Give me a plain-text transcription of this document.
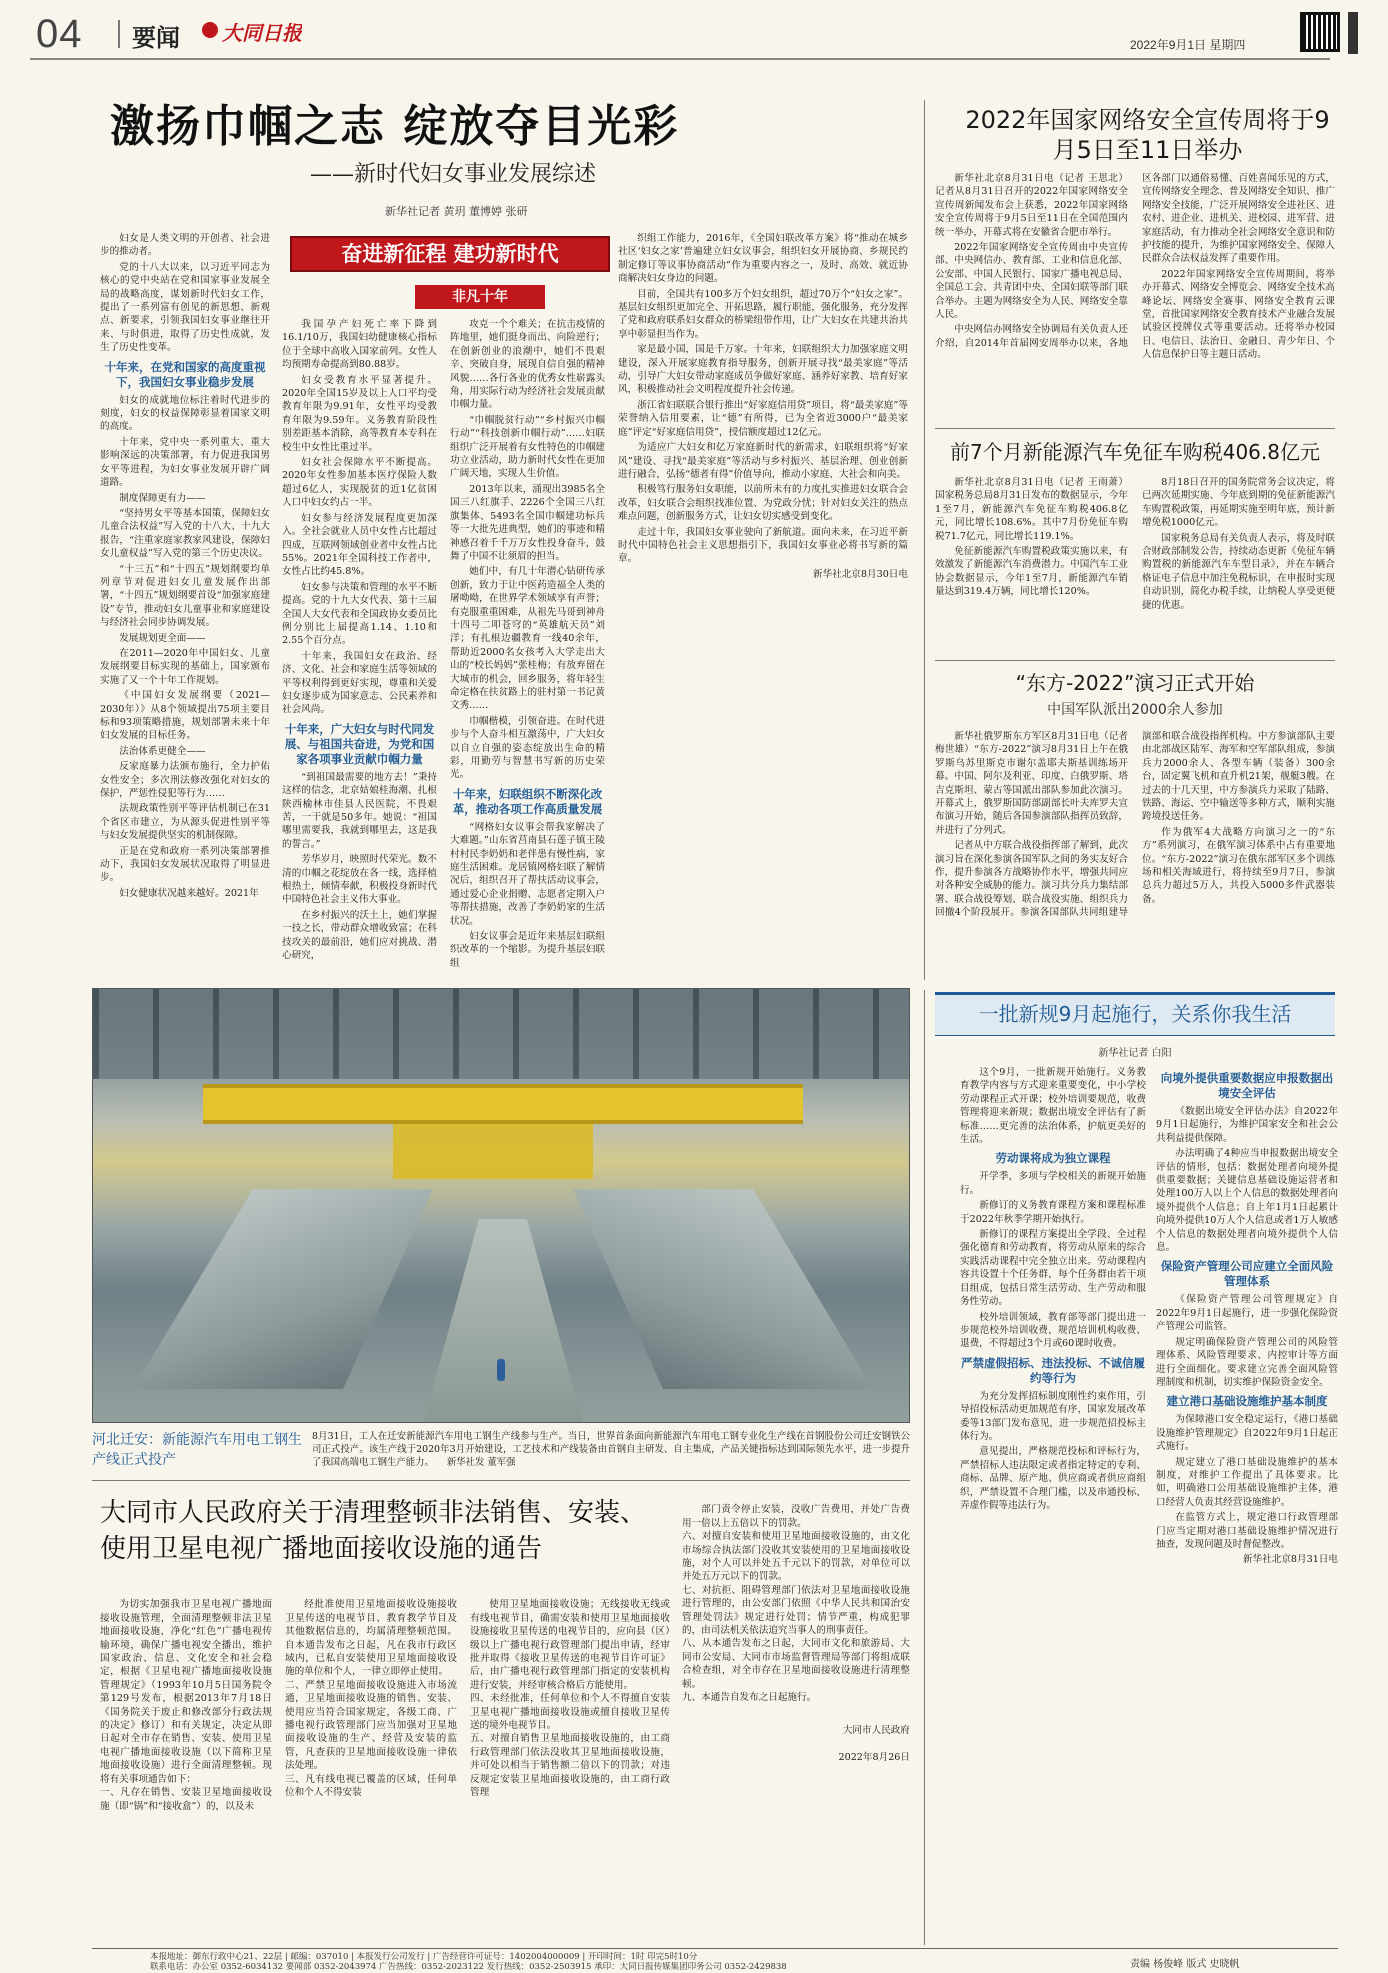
04 要闻 大同日报	2022年9月1日 星期四
激扬巾帼之志 绽放夺目光彩
——新时代妇女事业发展综述
新华社记者 黄玥 董博婷 张研
奋进新征程 建功新时代
非凡十年

妇女是人类文明的开创者、社会进步的推动者。

党的十八大以来，以习近平同志为核心的党中央站在党和国家事业发展全局的战略高度，谋划新时代妇女工作，提出了一系列富有创见的新思想、新观点、新要求，引领我国妇女事业继往开来、与时俱进，取得了历史性成就，发生了历史性变革。

十年来，在党和国家的高度重视下，我国妇女事业稳步发展

妇女的成就地位标注着时代进步的刻度，妇女的权益保障彰显着国家文明的高度。

十年来，党中央一系列重大、重大影响深远的决策部署，有力促进我国男女平等进程，为妇女事业发展开辟广阔道路。

制度保障更有力——

“坚持男女平等基本国策，保障妇女儿童合法权益”写入党的十八大、十九大报告，“注重家庭家教家风建设，保障妇女儿童权益”写入党的第三个历史决议。

“十三五”和“十四五”规划纲要均单列章节对促进妇女儿童发展作出部署，“十四五”规划纲要首设“加强家庭建设”专节，推动妇女儿童事业和家庭建设与经济社会同步协调发展。

发展规划更全面——

在2011—2020年中国妇女、儿童发展纲要目标实现的基础上，国家颁布实施了又一个十年工作规划。

《中国妇女发展纲要（2021—2030年）》从8个领域提出75项主要目标和93项策略措施，规划部署未来十年妇女发展的目标任务。

法治体系更健全——

反家庭暴力法颁布施行，全力护佑女性安全；多次刑法修改强化对妇女的保护，严惩性侵犯等行为……

法规政策性别平等评估机制已在31个省区市建立，为从源头促进性别平等与妇女发展提供坚实的机制保障。

正是在党和政府一系列决策部署推动下，我国妇女发展状况取得了明显进步。

妇女健康状况越来越好。2021年

我国孕产妇死亡率下降到16.1/10万，我国妇幼健康核心指标位于全球中高收入国家前列。女性人均预期寿命提高到80.88岁。

妇女受教育水平显著提升。2020年全国15岁及以上人口平均受教育年限为9.91年，女性平均受教育年限为9.59年。义务教育阶段性别差距基本消除，高等教育本专科在校生中女性比重过半。

妇女社会保障水平不断提高。2020年女性参加基本医疗保险人数超过6亿人，实现脱贫的近1亿贫困人口中妇女约占一半。

妇女参与经济发展程度更加深入。全社会就业人员中女性占比超过四成，互联网领域创业者中女性占比55%。2021年全国科技工作者中，女性占比约45.8%。

妇女参与决策和管理的水平不断提高。党的十九大女代表、第十三届全国人大女代表和全国政协女委员比例分别比上届提高1.14、1.10和2.55个百分点。

十年来，我国妇女在政治、经济、文化、社会和家庭生活等领域的平等权利得到更好实现，尊重和关爱妇女逐步成为国家意志、公民素养和社会风尚。

十年来，广大妇女与时代同发展、与祖国共奋进，为党和国家各项事业贡献巾帼力量

“到祖国最需要的地方去！”秉持这样的信念，北京姑娘桂海潮、扎根陕西榆林市佳县人民医院，不畏艰苦，一干就是50多年。她说：“祖国哪里需要我，我就到哪里去，这是我的誓言。”

芳华岁月，映照时代荣光。数不清的巾帼之花绽放在各一线，选择植根热土，倾情奉献，积极投身新时代中国特色社会主义伟大事业。

在乡村振兴的沃土上，她们掌握一技之长，带动群众增收致富；在科技攻关的最前沿，她们应对挑战、潜心研究，

攻克一个个难关；在抗击疫情的阵地里，她们挺身而出、向险逆行；在创新创业的浪潮中，她们不畏艰辛、突破自身，展现自信自强的精神风貌……各行各业的优秀女性崭露头角，用实际行动为经济社会发展贡献巾帼力量。

“巾帼脱贫行动”“乡村振兴巾帼行动”“科技创新巾帼行动”……妇联组织广泛开展着有女性特色的巾帼建功立业活动，助力新时代女性在更加广阔天地，实现人生价值。

2013年以来，涌现出3985名全国三八红旗手、2226个全国三八红旗集体、5493名全国巾帼建功标兵等一大批先进典型，她们的事迹和精神感召着千千万万女性投身奋斗，鼓舞了中国不让须眉的担当。

她们中，有几十年潜心钻研传承创新，致力于让中医药造福全人类的屠呦呦，在世界学术领域享有声誉；有克服重重困难，从祖先马哥到神舟十四号二叩苍穹的“英雄航天员”刘洋；有扎根边疆教育一线40余年，帮助近2000名女孩考入大学走出大山的“校长妈妈”张桂梅；有放弃留在大城市的机会，回乡服务，将年轻生命定格在扶贫路上的驻村第一书记黄文秀……

巾帼楷模，引领奋进。在时代进步与个人奋斗相互激荡中，广大妇女以自立自强的姿态绽放出生命的精彩，用勤劳与智慧书写新的历史荣光。

十年来，妇联组织不断深化改革，推动各项工作高质量发展

“网格妇女议事会帮我家解决了大难题。”山东省莒南县石莲子镇王陵村村民李奶奶和老伴患有慢性病，家庭生活困难。龙居镇网格妇联了解情况后，组织召开了帮扶活动议事会，通过爱心企业捐赠、志愿者定期入户等帮扶措施，改善了李奶奶家的生活状况。

妇女议事会是近年来基层妇联组织改革的一个缩影。为提升基层妇联组

织组工作能力，2016年，《全国妇联改革方案》将“推动在城乡社区‘妇女之家’普遍建立妇女议事会，组织妇女开展协商、乡规民约制定修订等议事协商活动”作为重要内容之一，及时、高效、就近协商解决妇女身边的问题。

目前，全国共有100多万个妇女组织，超过70万个“妇女之家”。基层妇女组织更加完全、开拓思路，履行职能，强化服务，充分发挥了党和政府联系妇女群众的桥梁纽带作用，让广大妇女在共建共治共享中彰显担当作为。

家是最小国，国是千万家。十年来，妇联组织大力加强家庭文明建设，深入开展家庭教育指导服务，创新开展寻找“最美家庭”等活动，引导广大妇女带动家庭成员争做好家庭、涵养好家教、培育好家风，积极推动社会文明程度提升社会传递。

浙江省妇联联合银行推出“好家庭信用贷”项目，将“最美家庭”等荣誉纳入信用要素，让“德”有所得，已为全省近3000户“最美家庭”评定“好家庭信用贷”，授信额度超过12亿元。

为适应广大妇女和亿万家庭新时代的新需求，妇联组织将“好家风”建设、寻找“最美家庭”等活动与乡村振兴、基层治理、创业创新进行融合，弘扬“德者有得”价值导向，推动小家庭、大社会和向美。

积极笃行服务妇女职能，以前所未有的力度扎实推进妇女联合会改革，妇女联合会组织找准位置、为党政分忧；针对妇女关注的热点难点问题，创新服务方式，让妇女切实感受到变化。

走过十年，我国妇女事业驶向了新航道。面向未来，在习近平新时代中国特色社会主义思想指引下，我国妇女事业必将书写新的篇章。

新华社北京8月30日电
2022年国家网络安全宣传周将于9月5日至11日举办

新华社北京8月31日电（记者 王思北）记者从8月31日召开的2022年国家网络安全宣传周新闻发布会上获悉，2022年国家网络安全宣传周将于9月5日至11日在全国范围内统一举办，开幕式将在安徽省合肥市举行。

2022年国家网络安全宣传周由中央宣传部、中央网信办、教育部、工业和信息化部、公安部、中国人民银行、国家广播电视总局、全国总工会、共青团中央、全国妇联等部门联合举办。主题为网络安全为人民、网络安全靠人民。

中央网信办网络安全协调局有关负责人还介绍，自2014年首届网安周举办以来，各地区各部门以通俗易懂、百姓喜闻乐见的方式，宣传网络安全理念、普及网络安全知识、推广网络安全技能，广泛开展网络安全进社区、进农村、进企业、进机关、进校园、进军营、进家庭活动，有力推动全社会网络安全意识和防护技能的提升，为维护国家网络安全、保障人民群众合法权益发挥了重要作用。

2022年国家网络安全宣传周期间，将举办开幕式、网络安全博览会、网络安全技术高峰论坛、网络安全赛事、网络安全教育云课堂，首批国家网络安全教育技术产业融合发展试验区授牌仪式等重要活动。还将举办校园日、电信日、法治日、金融日、青少年日、个人信息保护日等主题日活动。

前7个月新能源汽车免征车购税406.8亿元

新华社北京8月31日电（记者 王雨萧）国家税务总局8月31日发布的数据显示，今年1至7月，新能源汽车免征车购税406.8亿元，同比增长108.6%。其中7月份免征车购税71.7亿元，同比增长119.1%。

免征新能源汽车购置税政策实施以来，有效激发了新能源汽车消费潜力。中国汽车工业协会数据显示，今年1至7月，新能源汽车销量达到319.4万辆，同比增长120%。

8月18日召开的国务院常务会议决定，将已两次延期实施、今年底到期的免征新能源汽车购置税政策，再延期实施至明年底，预计新增免税1000亿元。

国家税务总局有关负责人表示，将及时联合财政部制发公告，持续动态更新《免征车辆购置税的新能源汽车车型目录》，并在车辆合格证电子信息中加注免税标识，在申报时实现自动识别，简化办税手续，让纳税人享受更便捷的优惠。

“东方-2022”演习正式开始
中国军队派出2000余人参加

新华社俄罗斯东方军区8月31日电（记者 梅世雄）“东方-2022”演习8月31日上午在俄罗斯乌苏里斯克市谢尔盖耶夫斯基训练场开幕。中国、阿尔及利亚、印度、白俄罗斯、塔吉克斯坦、蒙古等国派出部队参加此次演习。开幕式上，俄罗斯国防部副部长叶夫库罗夫宣布演习开始，随后各国参演部队指挥员致辞，并进行了分列式。

记者从中方联合战役指挥部了解到，此次演习旨在深化参演各国军队之间的务实友好合作，提升参演各方战略协作水平，增强共同应对各种安全威胁的能力。演习共分兵力集结部署、联合战役筹划、联合战役实施、组织兵力回撤4个阶段展开。参演各国部队共同组建导演部和联合战役指挥机构。中方参演部队主要由北部战区陆军、海军和空军部队组成，参演兵力2000余人、各型车辆（装备）300余台，固定翼飞机和直升机21架，舰艇3艘。在过去的十几天里，中方参演兵力采取了陆路、铁路、海运、空中输送等多种方式，顺利实施跨境投送任务。

作为俄军4大战略方向演习之一的“东方”系列演习，在俄军演习体系中占有重要地位。“东方-2022”演习在俄东部军区多个训练场和相关海域进行，将持续至9月7日，参演总兵力超过5万人，共投入5000多件武器装备。

河北迁安：新能源汽车用电工钢生产线正式投产
8月31日，工人在迁安新能源汽车用电工钢生产线参与生产。当日，世界首条面向新能源汽车用电工钢专业化生产线在首钢股份公司迁安钢铁公司正式投产。该生产线于2020年3月开始建设，工艺技术和产线装备由首钢自主研发、自主集成，产品关键指标达到国际领先水平，进一步提升了我国高端电工钢生产能力。 新华社发 董军强
一批新规9月起施行，关系你我生活
新华社记者 白阳

这个9月，一批新规开始施行。义务教育教学内容与方式迎来重要变化，中小学校劳动课程正式开课；校外培训要规范，收费管理将迎来新规；数据出境安全评估有了新标准……更完善的法治体系，护航更美好的生活。

劳动课将成为独立课程

开学季，多项与学校相关的新规开始施行。

新修订的义务教育课程方案和课程标准于2022年秋季学期开始执行。

新修订的课程方案提出全学段、全过程强化德育和劳动教育，将劳动从原来的综合实践活动课程中完全独立出来。劳动课程内容共设置十个任务群，每个任务群由若干项目组成，包括日常生活劳动、生产劳动和服务性劳动。

校外培训领域，教育部等部门提出进一步规范校外培训收费，规范培训机构收费、退费，不得超过3个月或60课时收费。

严禁虚假招标、违法投标、不诚信履约等行为

为充分发挥招标制度刚性约束作用，引导招投标活动更加规范有序，国家发展改革委等13部门发布意见，进一步规范招投标主体行为。

意见提出，严格规范投标和评标行为，严禁招标人违法限定或者指定特定的专利、商标、品牌、原产地、供应商或者供应商组织，严禁设置不合理门槛，以及串通投标、弄虚作假等违法行为。

向境外提供重要数据应申报数据出境安全评估

《数据出境安全评估办法》自2022年9月1日起施行，为维护国家安全和社会公共利益提供保障。

办法明确了4种应当申报数据出境安全评估的情形，包括：数据处理者向境外提供重要数据；关键信息基础设施运营者和处理100万人以上个人信息的数据处理者向境外提供个人信息；自上年1月1日起累计向境外提供10万人个人信息或者1万人敏感个人信息的数据处理者向境外提供个人信息。

保险资产管理公司应建立全面风险管理体系

《保险资产管理公司管理规定》自2022年9月1日起施行，进一步强化保险资产管理公司监管。

规定明确保险资产管理公司的风险管理体系、风险管理要求、内控审计等方面进行全面细化。要求建立完善全面风险管理制度和机制，切实维护保险资金安全。

建立港口基础设施维护基本制度

为保障港口安全稳定运行，《港口基础设施维护管理规定》自2022年9月1日起正式施行。

规定建立了港口基础设施维护的基本制度，对维护工作提出了具体要求。比如，明确港口公用基础设施维护主体，港口经营人负责其经营设施维护。

在监管方式上，规定港口行政管理部门应当定期对港口基础设施维护情况进行抽查，发现问题及时督促整改。

新华社北京8月31日电
大同市人民政府关于清理整顿非法销售、安装、使用卫星电视广播地面接收设施的通告

为切实加强我市卫星电视广播地面接收设施管理，全面清理整顿非法卫星地面接收设施，净化“红色”广播电视传输环境，确保广播电视安全播出，维护国家政治、信息、文化安全和社会稳定，根据《卫星电视广播地面接收设施管理规定》（1993年10月5日国务院令第129号发布，根据2013年7月18日《国务院关于废止和修改部分行政法规的决定》修订）和有关规定，决定从即日起对全市存在销售、安装、使用卫星电视广播地面接收设施（以下简称卫星地面接收设施）进行全面清理整顿。现将有关事项通告如下：
一、凡存在销售、安装卫星地面接收设施（即“锅”和“接收盒”）的，以及未

经批准使用卫星地面接收设施接收卫星传送的电视节目、教育教学节目及其他数据信息的，均属清理整顿范围。自本通告发布之日起，凡在我市行政区域内，已私自安装使用卫星地面接收设施的单位和个人，一律立即停止使用。
二、严禁卫星地面接收设施进入市场流通，卫星地面接收设施的销售、安装、使用应当符合国家规定，各级工商、广播电视行政管理部门应当加强对卫星地面接收设施的生产、经营及安装的监管，凡查获的卫星地面接收设施一律依法处理。
三、凡有线电视已覆盖的区域，任何单位和个人不得安装

使用卫星地面接收设施；无线接收无线或有线电视节目，确需安装和使用卫星地面接收设施接收卫星传送的电视节目的，应向县（区）级以上广播电视行政管理部门提出申请，经审批并取得《接收卫星传送的电视节目许可证》后，由广播电视行政管理部门指定的安装机构进行安装，并经审核合格后方能使用。
四、未经批准，任何单位和个人不得擅自安装卫星电视广播地面接收设施或擅自接收卫星传送的境外电视节目。
五、对擅自销售卫星地面接收设施的，由工商行政管理部门依法没收其卫星地面接收设施，并可处以相当于销售额二倍以下的罚款；对违反规定安装卫星地面接收设施的，由工商行政管理

部门责令停止安装，没收广告费用，并处广告费用一倍以上五倍以下的罚款。
六、对擅自安装和使用卫星地面接收设施的，由文化市场综合执法部门没收其安装使用的卫星地面接收设施，对个人可以并处五千元以下的罚款，对单位可以并处五万元以下的罚款。
七、对抗拒、阻碍管理部门依法对卫星地面接收设施进行管理的，由公安部门依照《中华人民共和国治安管理处罚法》规定进行处罚；情节严重，构成犯罪的，由司法机关依法追究当事人的刑事责任。
八、从本通告发布之日起，大同市文化和旅游局、大同市公安局、大同市市场监督管理局等部门将组成联合检查组，对全市存在卫星地面接收设施进行清理整顿。
九、本通告自发布之日起施行。

大同市人民政府

2022年8月26日

本报地址：御东行政中心21、22层 | 邮编：037010 | 本报发行公司发行 | 广告经营许可证号：1402004000009 | 开印时间：1时 印完5时10分
联系电话：办公室 0352-6034132 要闻部 0352-2043974 广告热线：0352-2023122 发行热线：0352-2503915 承印：大同日报传媒集团印务公司 0352-2429838	责编 杨俊峰 版式 史晓帆
